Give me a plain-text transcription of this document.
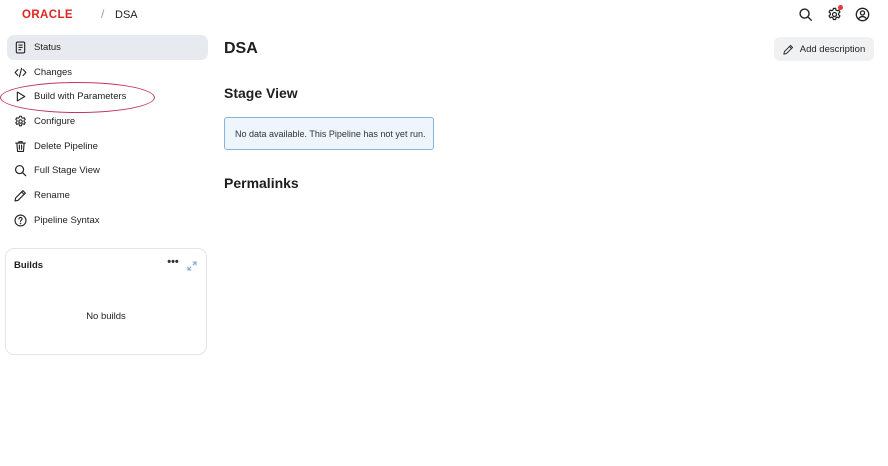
ORACLE / DSA
Status
Changes
Build with Parameters
Configure
Delete Pipeline
Full Stage View
Rename
Pipeline Syntax
Builds	•••
No builds
DSA	Add description
Stage View
No data available. This Pipeline has not yet run.
Permalinks
